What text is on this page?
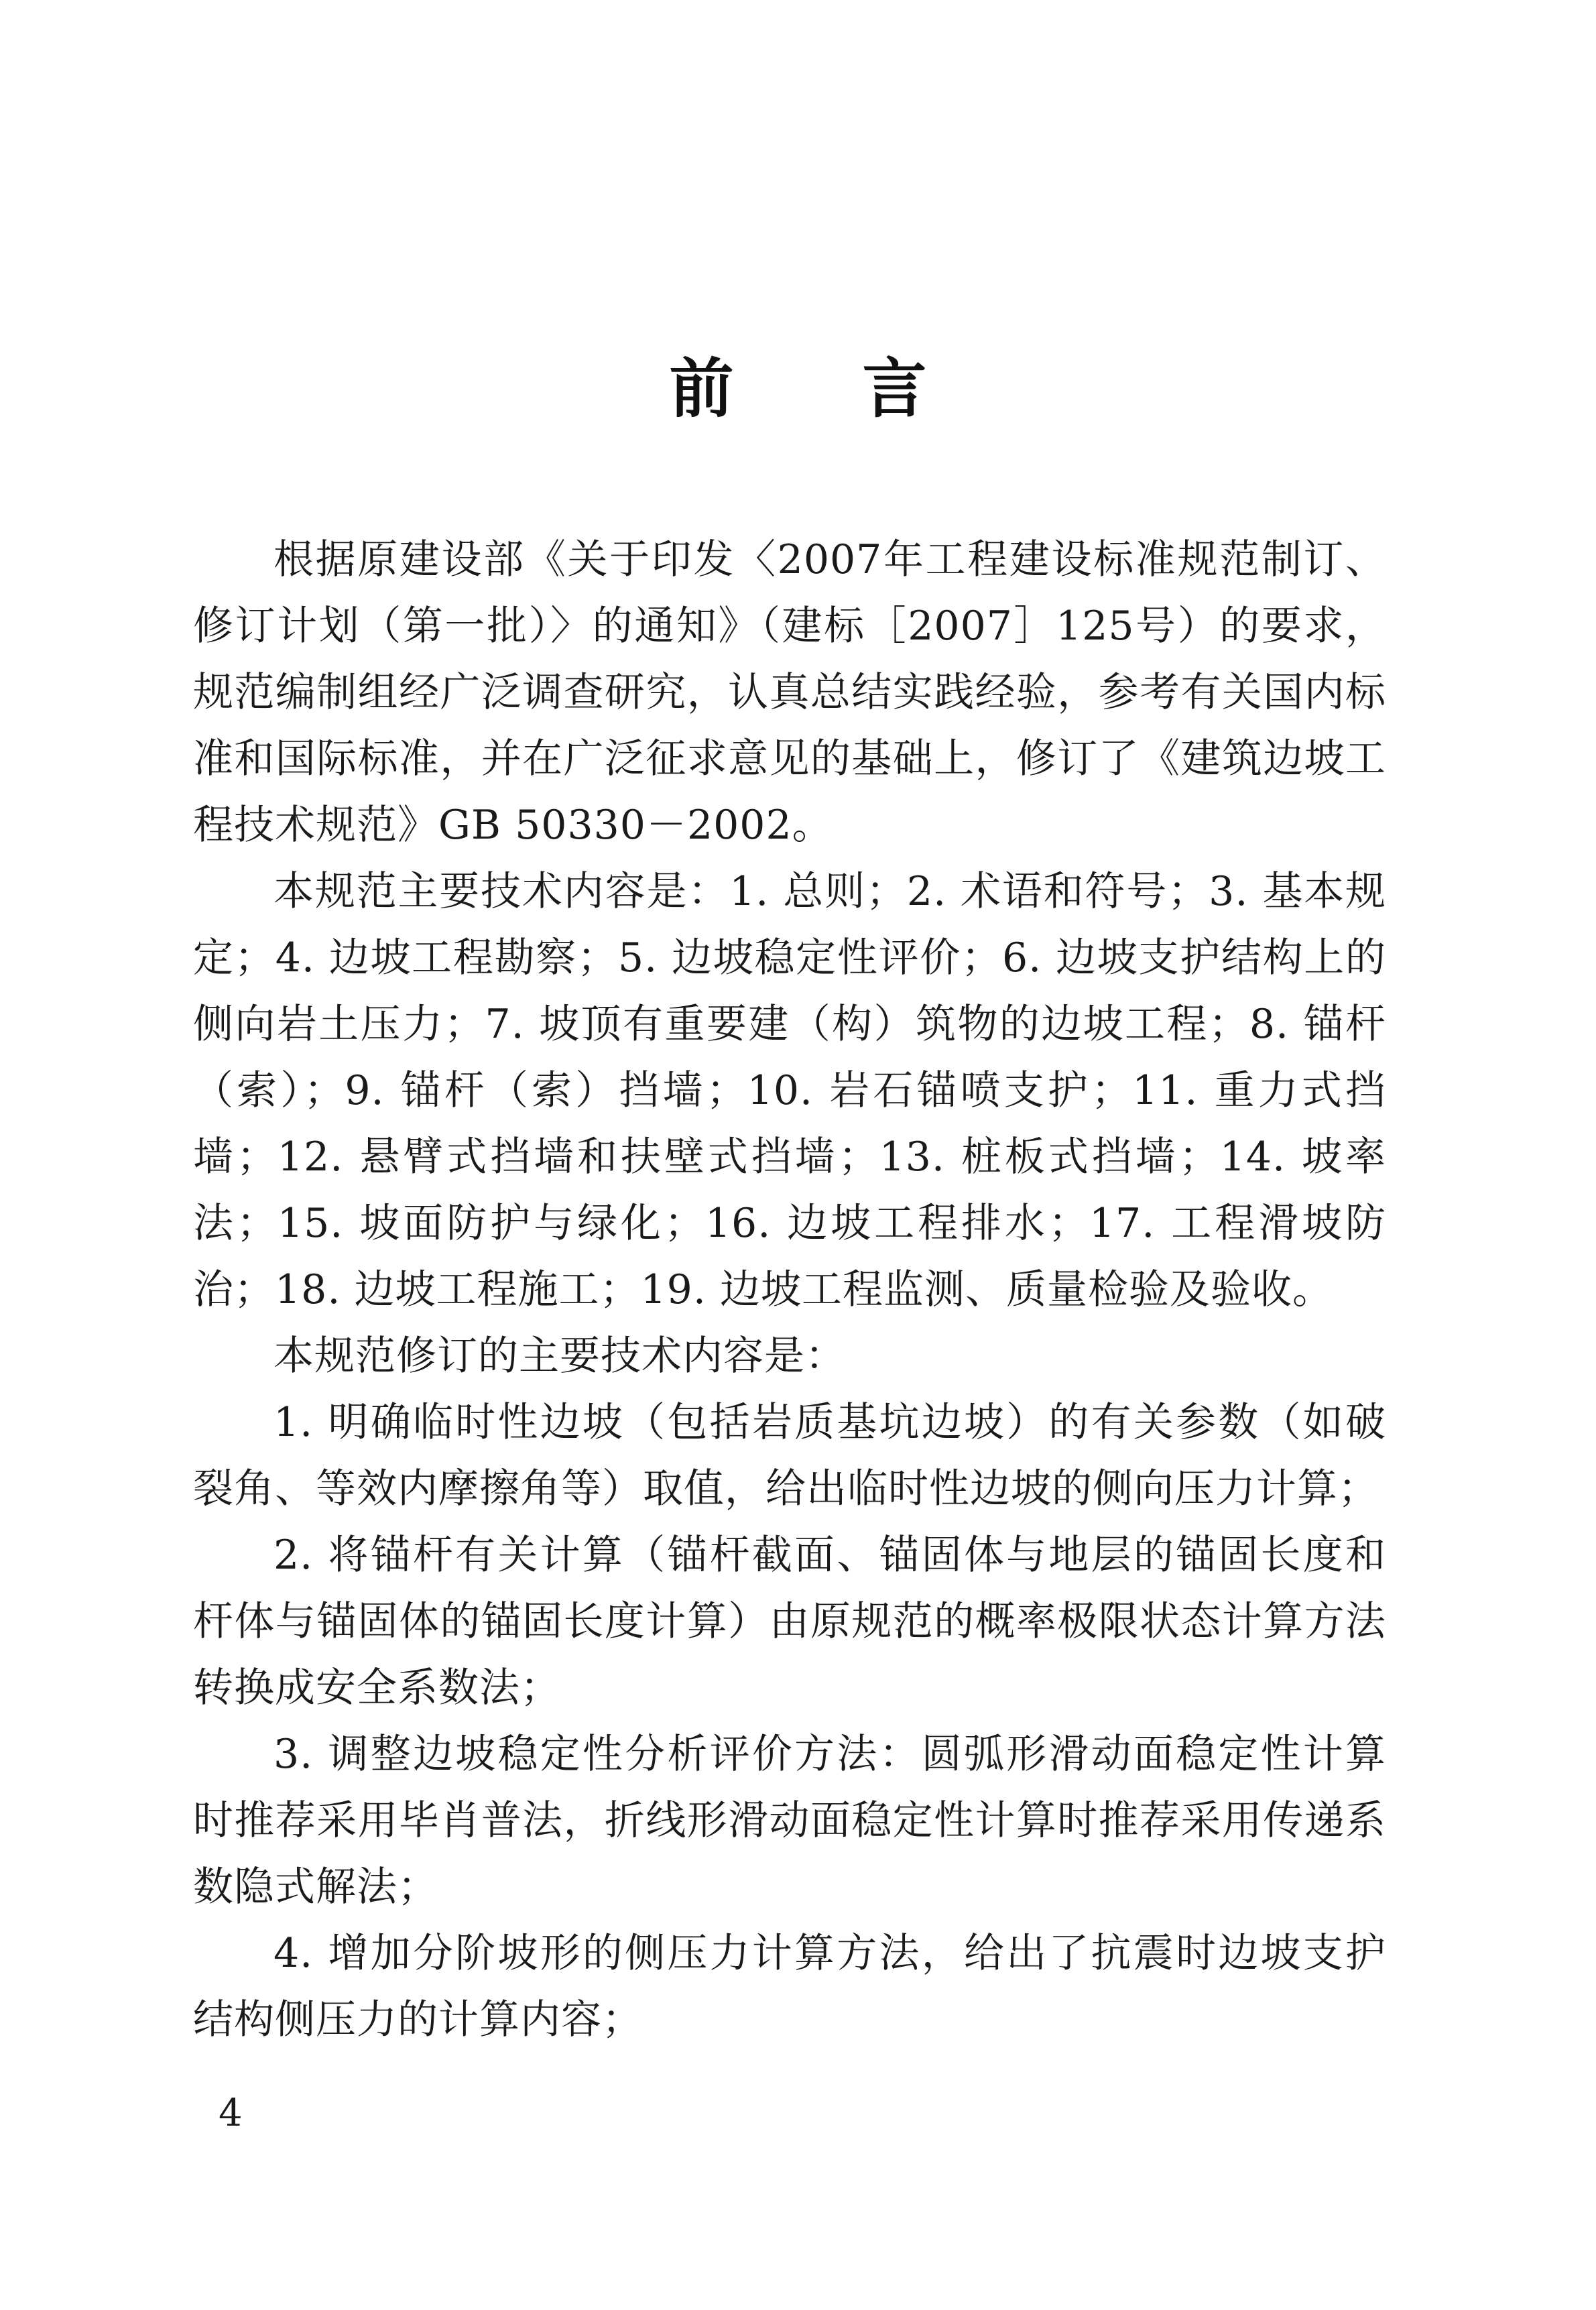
前　　言

根据原建设部《关于印发〈2007年工程建设标准规范制订、修订计划（第一批）〉的通知》（建标［2007］125号）的要求，规范编制组经广泛调查研究，认真总结实践经验，参考有关国内标准和国际标准，并在广泛征求意见的基础上，修订了《建筑边坡工程技术规范》GB 50330－2002。

本规范主要技术内容是：1. 总则；2. 术语和符号；3. 基本规定；4. 边坡工程勘察；5. 边坡稳定性评价；6. 边坡支护结构上的侧向岩土压力；7. 坡顶有重要建（构）筑物的边坡工程；8. 锚杆（索）；9. 锚杆（索）挡墙；10. 岩石锚喷支护；11. 重力式挡墙；12. 悬臂式挡墙和扶壁式挡墙；13. 桩板式挡墙；14. 坡率法；15. 坡面防护与绿化；16. 边坡工程排水；17. 工程滑坡防治；18. 边坡工程施工；19. 边坡工程监测、质量检验及验收。

本规范修订的主要技术内容是：

1. 明确临时性边坡（包括岩质基坑边坡）的有关参数（如破裂角、等效内摩擦角等）取值，给出临时性边坡的侧向压力计算；

2. 将锚杆有关计算（锚杆截面、锚固体与地层的锚固长度和杆体与锚固体的锚固长度计算）由原规范的概率极限状态计算方法转换成安全系数法；

3. 调整边坡稳定性分析评价方法：圆弧形滑动面稳定性计算时推荐采用毕肖普法，折线形滑动面稳定性计算时推荐采用传递系数隐式解法；

4. 增加分阶坡形的侧压力计算方法，给出了抗震时边坡支护结构侧压力的计算内容；

4
